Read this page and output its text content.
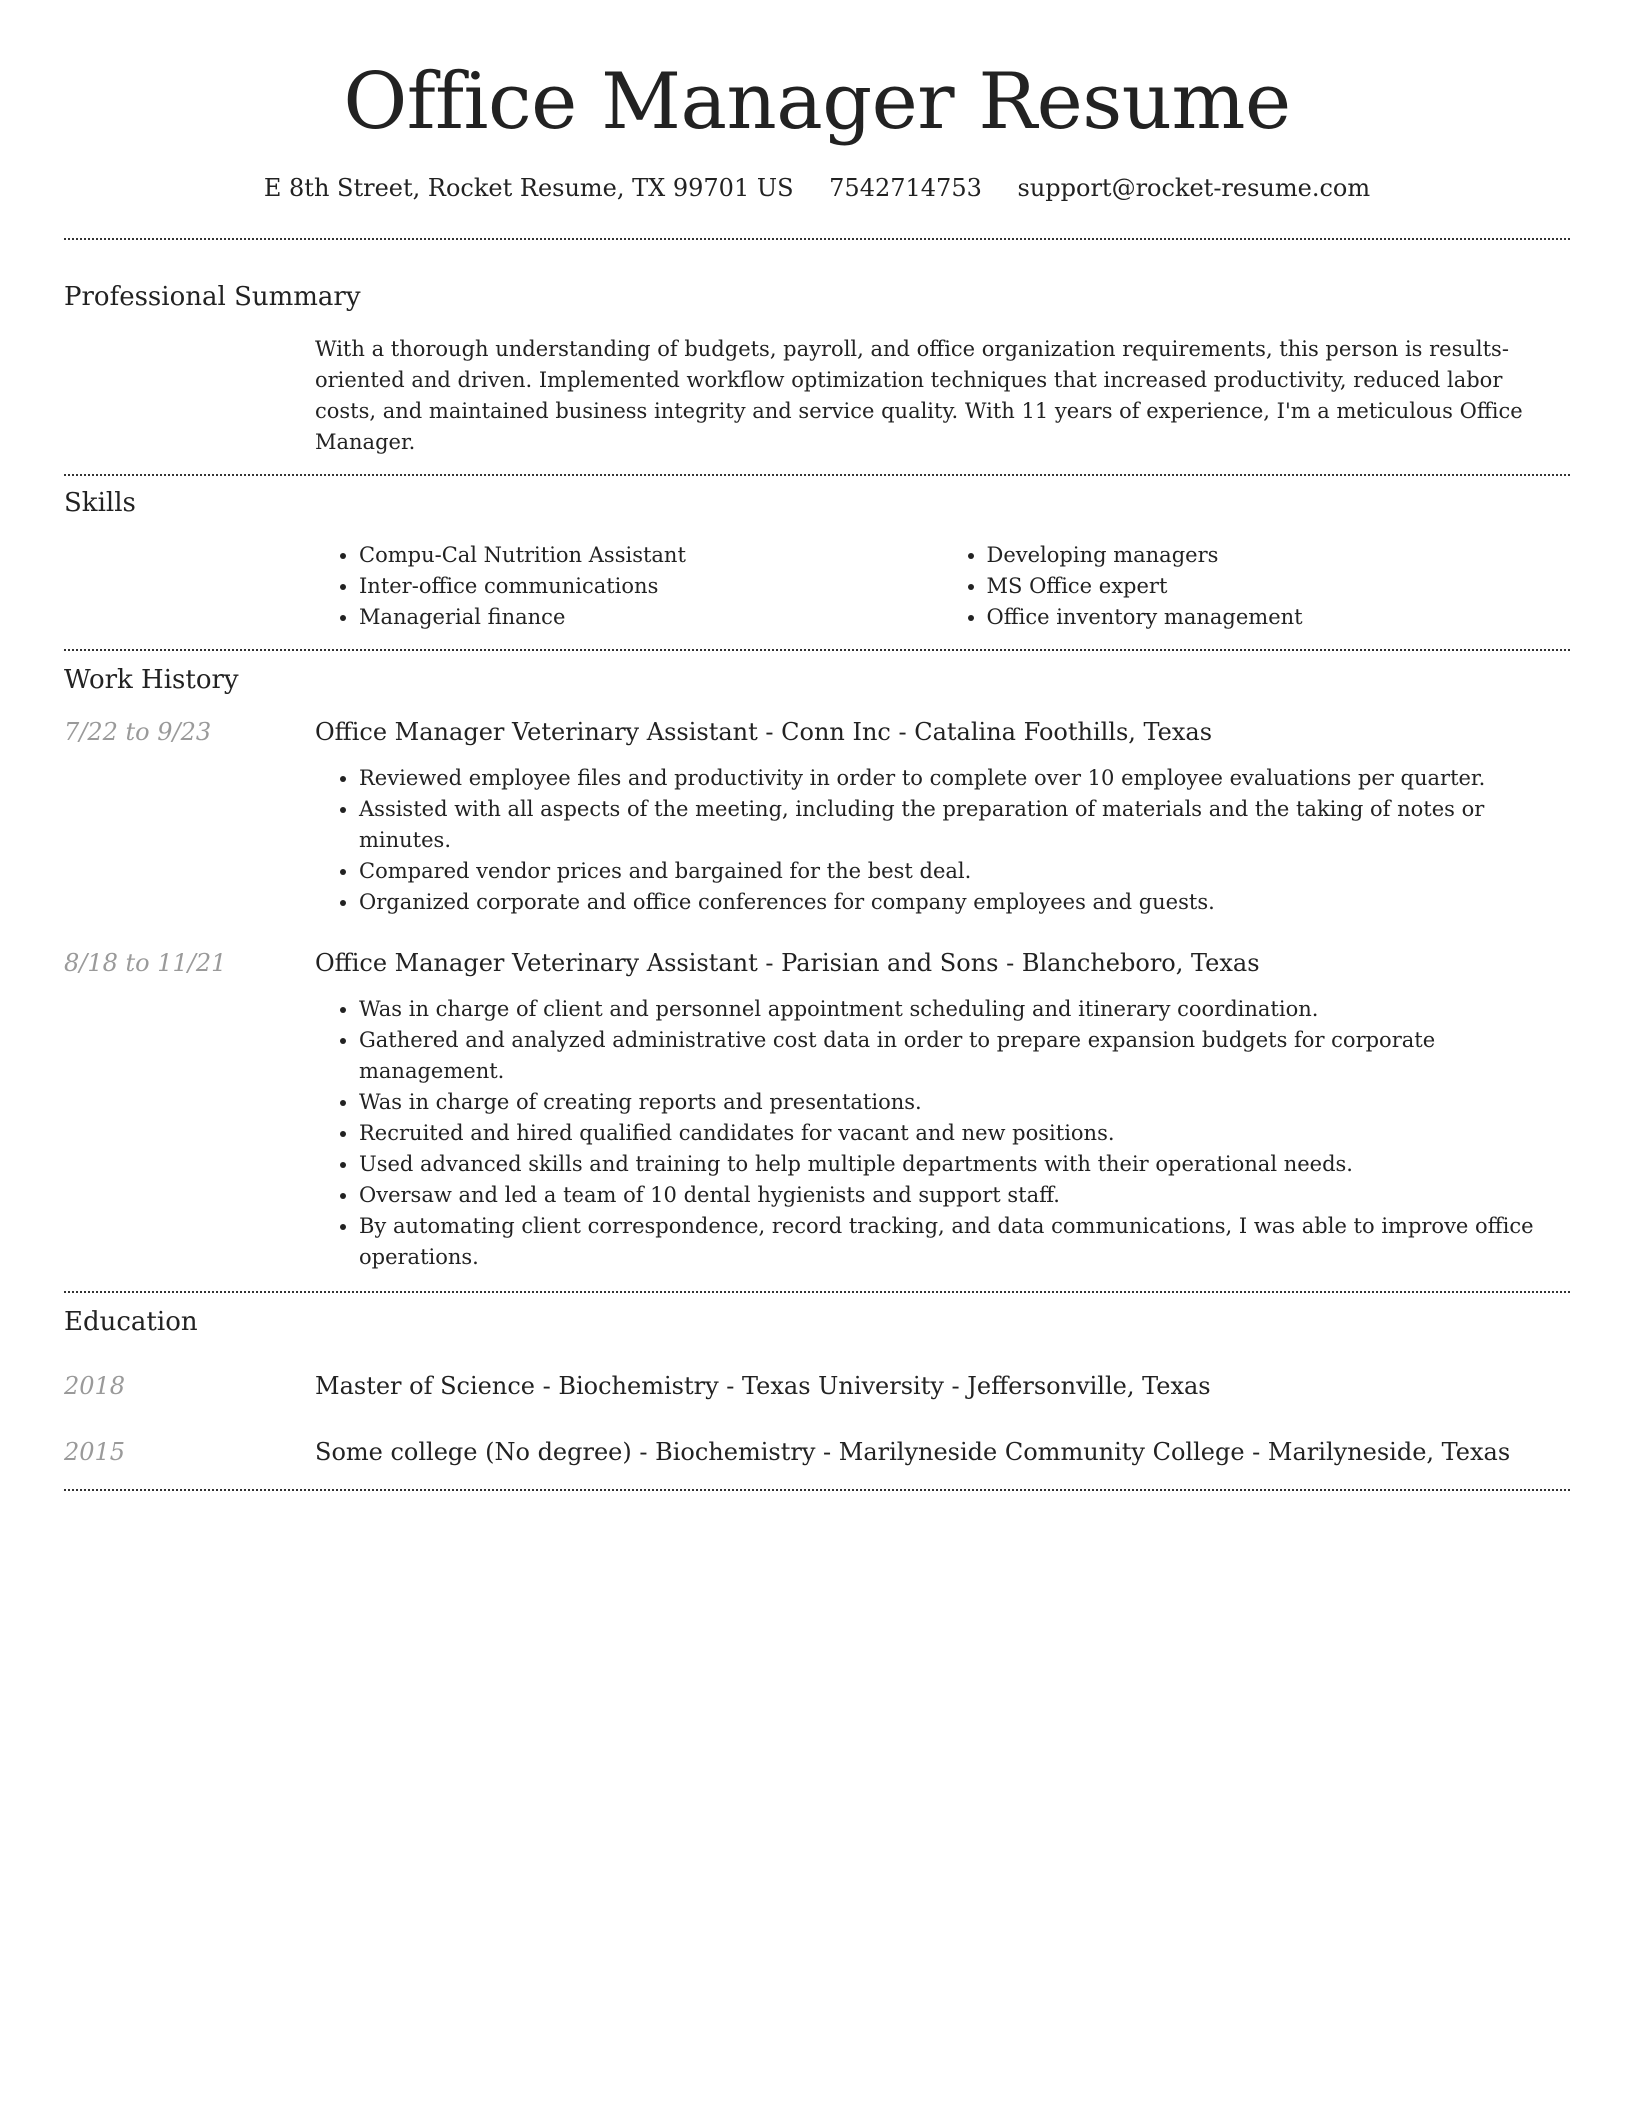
Office Manager Resume
E 8th Street, Rocket Resume, TX 99701 US 7542714753 support@rocket-resume.com
Professional Summary
With a thorough understanding of budgets, payroll, and office organization requirements, this person is results-oriented and driven. Implemented workflow optimization techniques that increased productivity, reduced labor costs, and maintained business integrity and service quality. With 11 years of experience, I'm a meticulous Office Manager.
Skills
• Compu-Cal Nutrition Assistant
• Inter-office communications
• Managerial finance
• Developing managers
• MS Office expert
• Office inventory management
Work History
7/22 to 9/23	Office Manager Veterinary Assistant - Conn Inc - Catalina Foothills, Texas
• Reviewed employee files and productivity in order to complete over 10 employee evaluations per quarter.
• Assisted with all aspects of the meeting, including the preparation of materials and the taking of notes or minutes.
• Compared vendor prices and bargained for the best deal.
• Organized corporate and office conferences for company employees and guests.
8/18 to 11/21	Office Manager Veterinary Assistant - Parisian and Sons - Blancheboro, Texas
• Was in charge of client and personnel appointment scheduling and itinerary coordination.
• Gathered and analyzed administrative cost data in order to prepare expansion budgets for corporate management.
• Was in charge of creating reports and presentations.
• Recruited and hired qualified candidates for vacant and new positions.
• Used advanced skills and training to help multiple departments with their operational needs.
• Oversaw and led a team of 10 dental hygienists and support staff.
• By automating client correspondence, record tracking, and data communications, I was able to improve office operations.
Education
2018	Master of Science - Biochemistry - Texas University - Jeffersonville, Texas
2015	Some college (No degree) - Biochemistry - Marilyneside Community College - Marilyneside, Texas
